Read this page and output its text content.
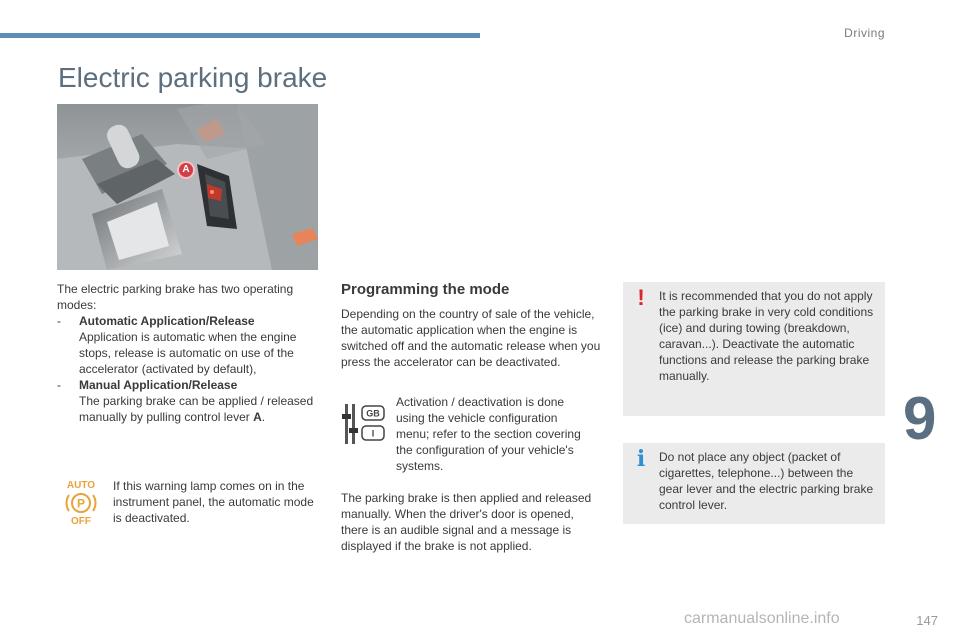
Driving
Electric parking brake
A

The electric parking brake has two operating modes:

-	Automatic Application/Release
Application is automatic when the engine stops, release is automatic on use of the accelerator (activated by default),
-	Manual Application/Release
The parking brake can be applied / released manually by pulling control lever A.
AUTO
P
OFF
If this warning lamp comes on in the instrument panel, the automatic mode is deactivated.
Programming the mode

Depending on the country of sale of the vehicle, the automatic application when the engine is switched off and the automatic release when you press the accelerator can be deactivated.

GB
I
Activation / deactivation is done using the vehicle configuration menu; refer to the section covering the configuration of your vehicle's systems.

The parking brake is then applied and released manually. When the driver's door is opened, there is an audible signal and a message is displayed if the brake is not applied.

!	It is recommended that you do not apply the parking brake in very cold conditions (ice) and during towing (breakdown, caravan...). Deactivate the automatic functions and release the parking brake manually.
i	Do not place any object (packet of cigarettes, telephone...) between the gear lever and the electric parking brake control lever.
9
carmanualsonline.info	147
